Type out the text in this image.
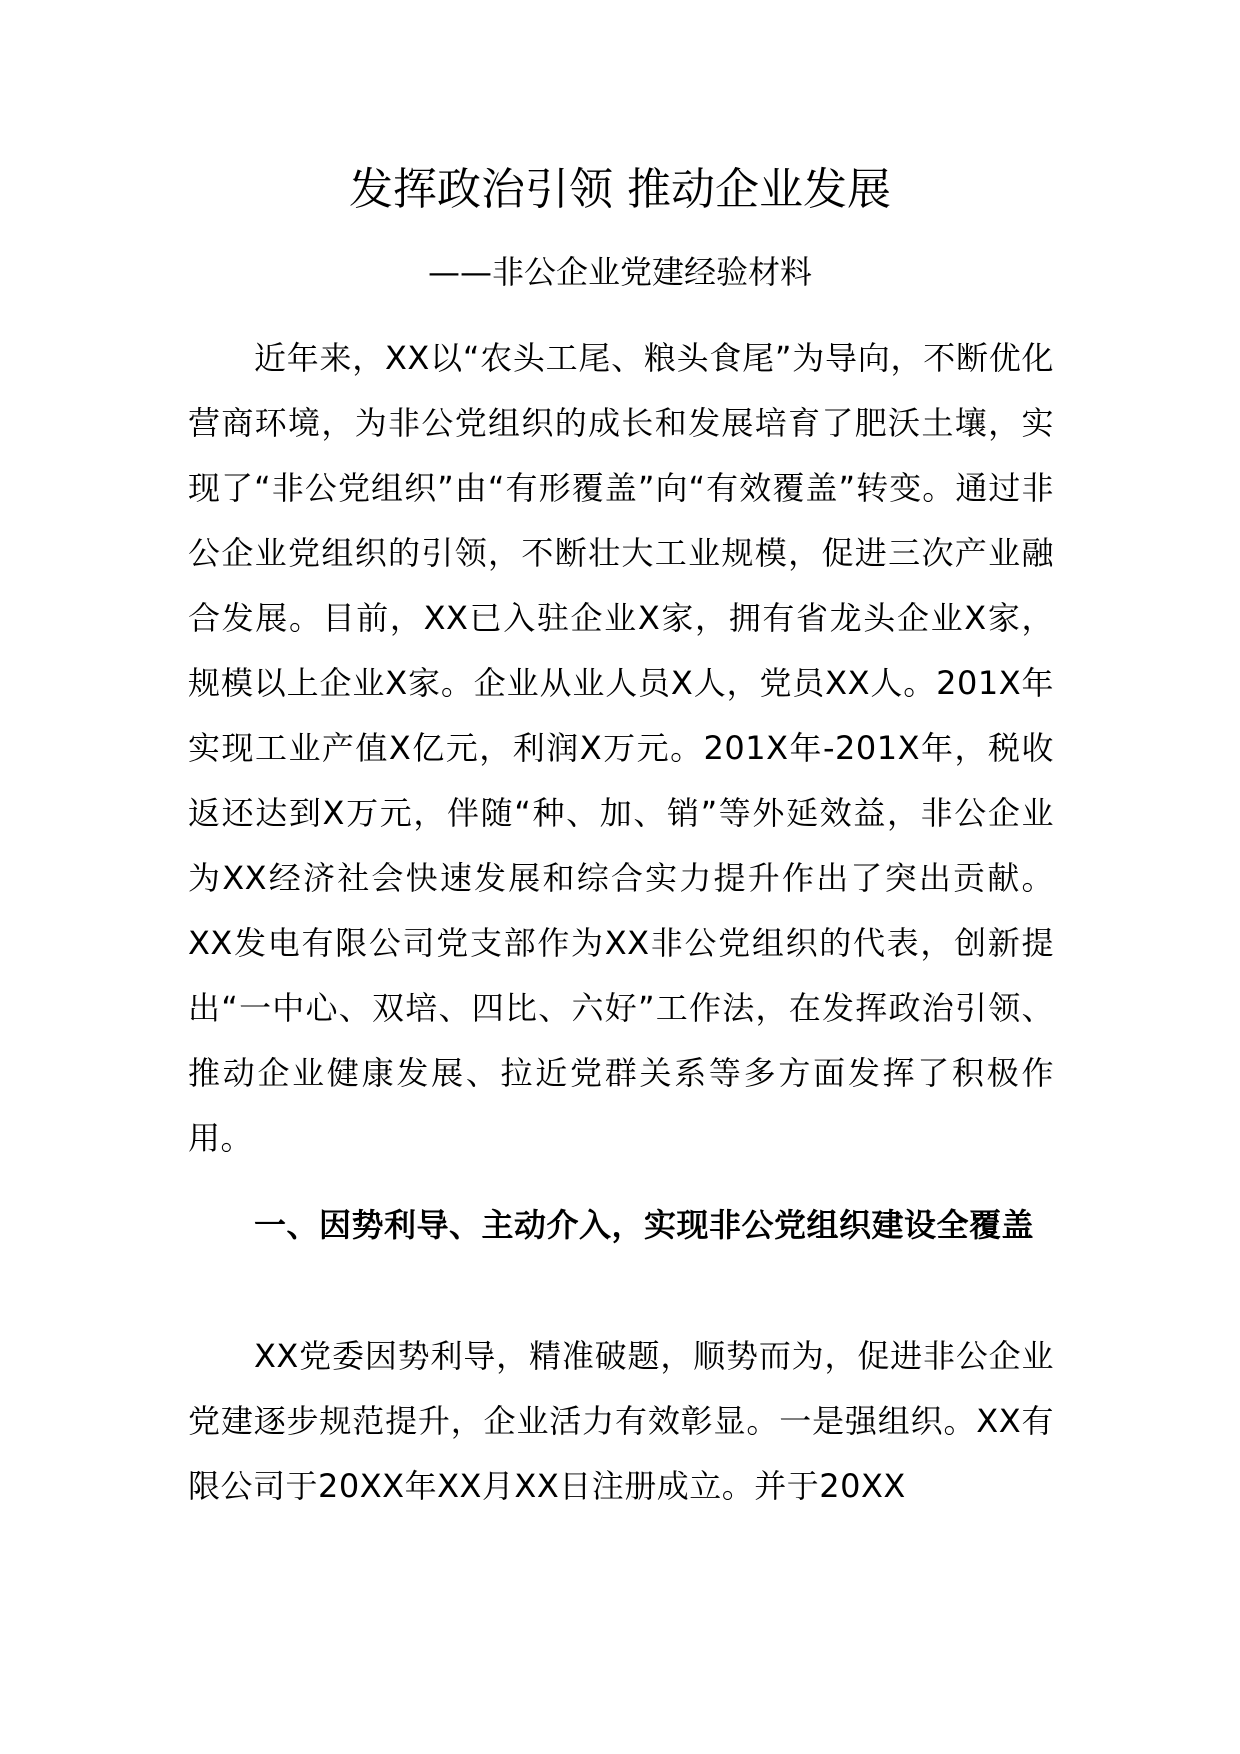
发挥政治引领 推动企业发展

——非公企业党建经验材料

近年来，XX以“农头工尾、粮头食尾”为导向，不断优化营商环境，为非公党组织的成长和发展培育了肥沃土壤，实现了“非公党组织”由“有形覆盖”向“有效覆盖”转变。通过非公企业党组织的引领，不断壮大工业规模，促进三次产业融合发展。目前，XX已入驻企业X家，拥有省龙头企业X家，规模以上企业X家。企业从业人员X人，党员XX人。201X年实现工业产值X亿元，利润X万元。201X年-201X年，税收返还达到X万元，伴随“种、加、销”等外延效益，非公企业为XX经济社会快速发展和综合实力提升作出了突出贡献。XX发电有限公司党支部作为XX非公党组织的代表，创新提出“一中心、双培、四比、六好”工作法，在发挥政治引领、推动企业健康发展、拉近党群关系等多方面发挥了积极作用。

一、因势利导、主动介入，实现非公党组织建设全覆盖

XX党委因势利导，精准破题，顺势而为，促进非公企业党建逐步规范提升，企业活力有效彰显。一是强组织。XX有限公司于20XX年XX月XX日注册成立。并于20XX
